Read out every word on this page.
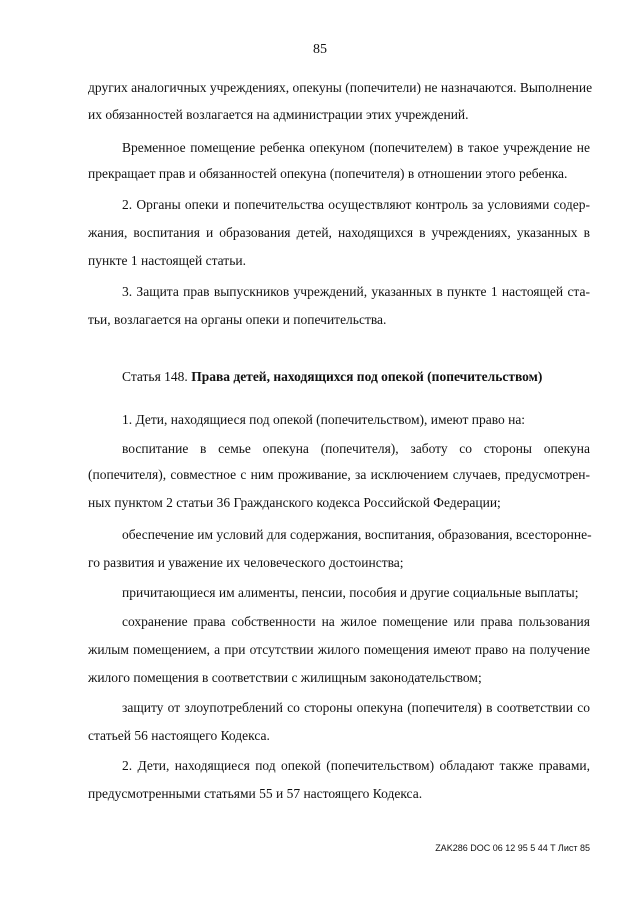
85
других аналогичных учреждениях, опекуны (попечители) не назначаются. Выполнение
их обязанностей возлагается на администрации этих учреждений.
Временное помещение ребенка опекуном (попечителем) в такое учреждение не
прекращает прав и обязанностей опекуна (попечителя) в отношении этого ребенка.
2. Органы опеки и попечительства осуществляют контроль за условиями содер-
жания, воспитания и образования детей, находящихся в учреждениях, указанных в
пункте 1 настоящей статьи.
3. Защита прав выпускников учреждений, указанных в пункте 1 настоящей ста-
тьи, возлагается на органы опеки и попечительства.
Статья 148. Права детей, находящихся под опекой (попечительством)
1. Дети, находящиеся под опекой (попечительством), имеют право на:
воспитание в семье опекуна (попечителя), заботу со стороны опекуна
(попечителя), совместное с ним проживание, за исключением случаев, предусмотрен-
ных пунктом 2 статьи 36 Гражданского кодекса Российской Федерации;
обеспечение им условий для содержания, воспитания, образования, всесторонне-
го развития и уважение их человеческого достоинства;
причитающиеся им алименты, пенсии, пособия и другие социальные выплаты;
сохранение права собственности на жилое помещение или права пользования
жилым помещением, а при отсутствии жилого помещения имеют право на получение
жилого помещения в соответствии с жилищным законодательством;
защиту от злоупотреблений со стороны опекуна (попечителя) в соответствии со
статьей 56 настоящего Кодекса.
2. Дети, находящиеся под опекой (попечительством) обладают также правами,
предусмотренными статьями 55 и 57 настоящего Кодекса.
ZAK286 DOC 06 12 95 5 44 T Лист 85
